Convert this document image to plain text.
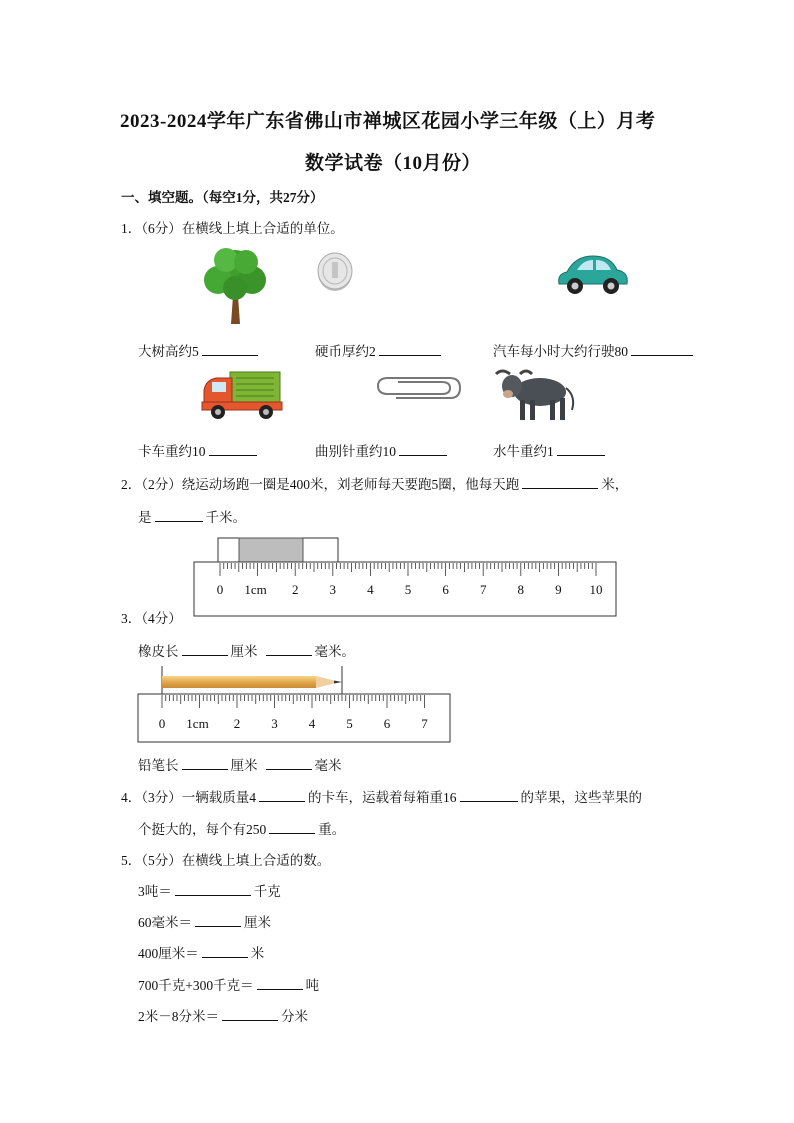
2023-2024学年广东省佛山市禅城区花园小学三年级（上）月考
数学试卷（10月份）
一、填空题。（每空1分，共27分）
1．（6分）在横线上填上合适的单位。
大树高约5	硬币厚约2	汽车每小时大约行驶80
卡车重约10	曲别针重约10	水牛重约1
2．（2分）绕运动场跑一圈是400米，刘老师每天要跑5圈，他每天跑	米，
是	千米。
0 1cm 2 3 4 5 6 7 8 9 10
3．（4分）
橡皮长	厘米	毫米。
0 1cm 2 3 4 5 6 7
铅笔长	厘米	毫米
4．（3分）一辆载质量4	的卡车，运载着每箱重16	的苹果，这些苹果的
个挺大的，每个有250	重。
5．（5分）在横线上填上合适的数。
3吨＝	千克
60毫米＝	厘米
400厘米＝	米
700千克+300千克＝	吨
2米－8分米＝	分米
